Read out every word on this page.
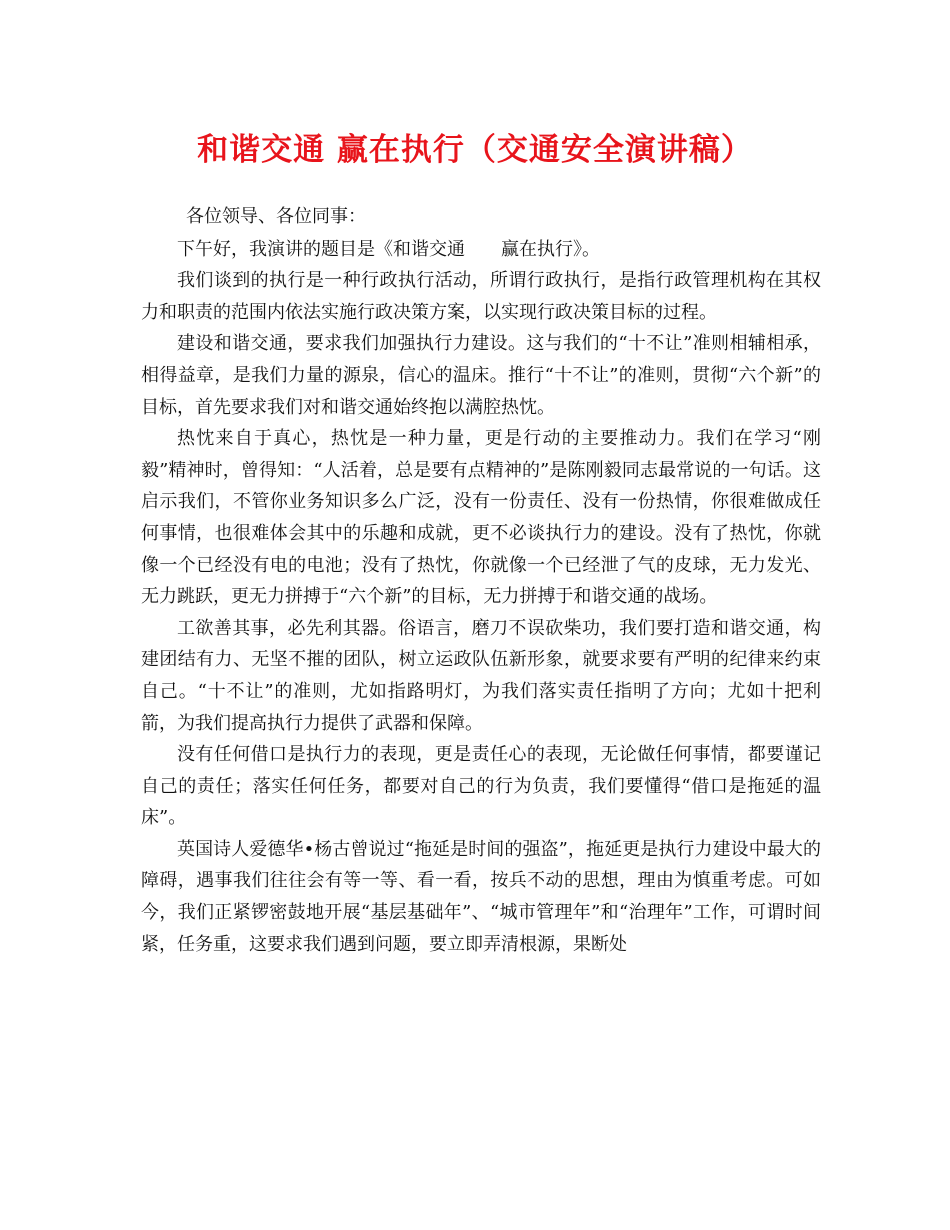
和谐交通 赢在执行（交通安全演讲稿）

各位领导、各位同事：

下午好，我演讲的题目是《和谐交通 赢在执行》。

我们谈到的执行是一种行政执行活动，所谓行政执行，是指行政管理机构在其权力和职责的范围内依法实施行政决策方案，以实现行政决策目标的过程。

建设和谐交通，要求我们加强执行力建设。这与我们的“十不让”准则相辅相承，相得益章，是我们力量的源泉，信心的温床。推行“十不让”的准则，贯彻“六个新”的目标，首先要求我们对和谐交通始终抱以满腔热忱。

热忱来自于真心，热忱是一种力量，更是行动的主要推动力。我们在学习“刚毅”精神时，曾得知：“人活着，总是要有点精神的”是陈刚毅同志最常说的一句话。这启示我们，不管你业务知识多么广泛，没有一份责任、没有一份热情，你很难做成任何事情，也很难体会其中的乐趣和成就，更不必谈执行力的建设。没有了热忱，你就像一个已经没有电的电池；没有了热忱，你就像一个已经泄了气的皮球，无力发光、无力跳跃，更无力拼搏于“六个新”的目标，无力拼搏于和谐交通的战场。

工欲善其事，必先利其器。俗语言，磨刀不误砍柴功，我们要打造和谐交通，构建团结有力、无坚不摧的团队，树立运政队伍新形象，就要求要有严明的纪律来约束自己。“十不让”的准则，尤如指路明灯，为我们落实责任指明了方向；尤如十把利箭，为我们提高执行力提供了武器和保障。

没有任何借口是执行力的表现，更是责任心的表现，无论做任何事情，都要谨记自己的责任；落实任何任务，都要对自己的行为负责，我们要懂得“借口是拖延的温床”。

英国诗人爱德华•杨古曾说过“拖延是时间的强盗”，拖延更是执行力建设中最大的障碍，遇事我们往往会有等一等、看一看，按兵不动的思想，理由为慎重考虑。可如今，我们正紧锣密鼓地开展“基层基础年”、“城市管理年”和“治理年”工作，可谓时间紧，任务重，这要求我们遇到问题，要立即弄清根源，果断处
